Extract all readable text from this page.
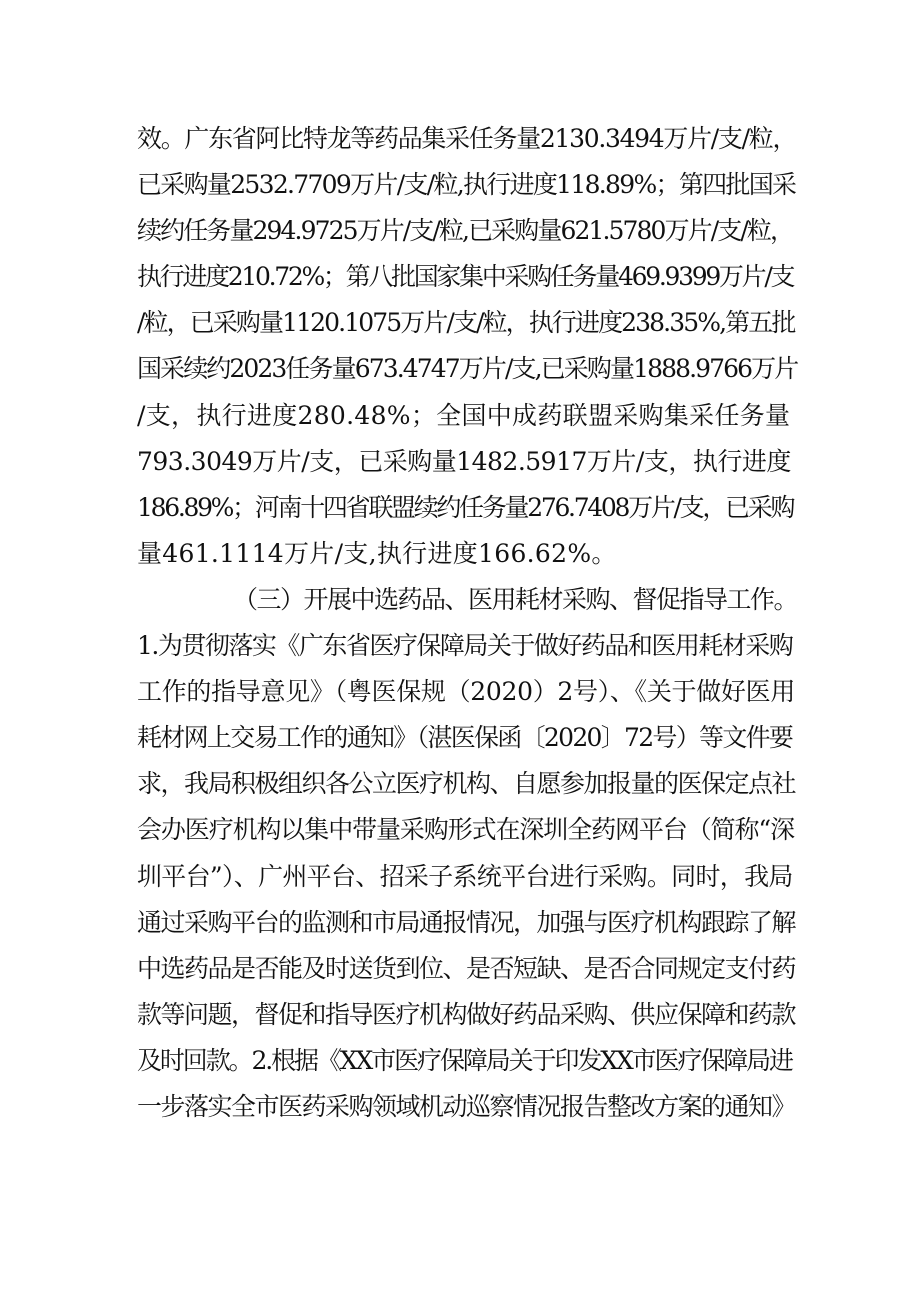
效。广东省阿比特龙等药品集采任务量2130.3494万片/支/粒，
已采购量2532.7709万片/支/粒,执行进度118.89%；第四批国采
续约任务量294.9725万片/支/粒,已采购量621.5780万片/支/粒，
执行进度210.72%；第八批国家集中采购任务量469.9399万片/支
/粒，已采购量1120.1075万片/支/粒，执行进度238.35%,第五批
国采续约2023任务量673.4747万片/支,已采购量1888.9766万片
/支，执行进度280.48%；全国中成药联盟采购集采任务量
793.3049万片/支，已采购量1482.5917万片/支，执行进度
186.89%；河南十四省联盟续约任务量276.7408万片/支，已采购
量461.1114万片/支,执行进度166.62%。
（三）开展中选药品、医用耗材采购、督促指导工作。
1.为贯彻落实《广东省医疗保障局关于做好药品和医用耗材采购
工作的指导意见》（粤医保规（2020）2号）、《关于做好医用
耗材网上交易工作的通知》（湛医保函〔2020〕72号）等文件要
求，我局积极组织各公立医疗机构、自愿参加报量的医保定点社
会办医疗机构以集中带量采购形式在深圳全药网平台（简称“深
圳平台”）、广州平台、招采子系统平台进行采购。同时，我局
通过采购平台的监测和市局通报情况，加强与医疗机构跟踪了解
中选药品是否能及时送货到位、是否短缺、是否合同规定支付药
款等问题，督促和指导医疗机构做好药品采购、供应保障和药款
及时回款。2.根据《XX市医疗保障局关于印发XX市医疗保障局进
一步落实全市医药采购领域机动巡察情况报告整改方案的通知》
